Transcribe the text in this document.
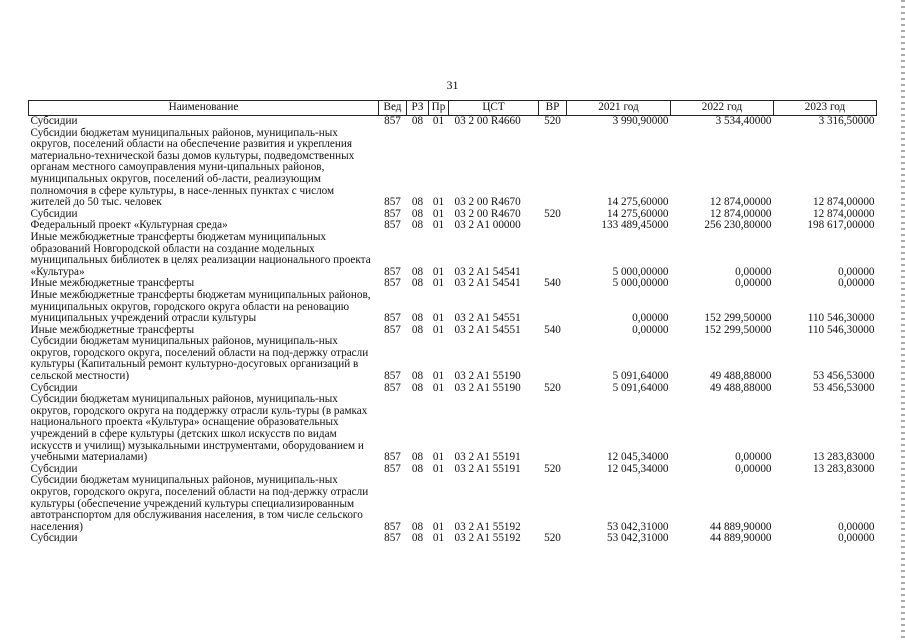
31
Наименование	Вед	РЗ	Пр	ЦСТ	ВР	2021 год	2022 год	2023 год
Субсидии	857	08	01	03 2 00 R4660	520	3 990,90000	3 534,40000	3 316,50000
Субсидии бюджетам муниципальных районов, муниципаль-ных округов, поселений области на обеспечение развития и укрепления материально-технической базы домов культуры, подведомственных органам местного самоуправления муни-ципальных районов, муниципальных округов, поселений об-ласти, реализующим полномочия в сфере культуры, в насе-ленных пунктах с числом жителей до 50 тыс. человек	857	08	01	03 2 00 R4670		14 275,60000	12 874,00000	12 874,00000
Субсидии	857	08	01	03 2 00 R4670	520	14 275,60000	12 874,00000	12 874,00000
Федеральный проект «Культурная среда»	857	08	01	03 2 A1 00000		133 489,45000	256 230,80000	198 617,00000
Иные межбюджетные трансферты бюджетам муниципальных образований Новгородской области на создание модельных муниципальных библиотек в целях реализации национального проекта «Культура»	857	08	01	03 2 A1 54541		5 000,00000	0,00000	0,00000
Иные межбюджетные трансферты	857	08	01	03 2 A1 54541	540	5 000,00000	0,00000	0,00000
Иные межбюджетные трансферты бюджетам муниципальных районов, муниципальных округов, городского округа области на реновацию муниципальных учреждений отрасли культуры	857	08	01	03 2 A1 54551		0,00000	152 299,50000	110 546,30000
Иные межбюджетные трансферты	857	08	01	03 2 A1 54551	540	0,00000	152 299,50000	110 546,30000
Субсидии бюджетам муниципальных районов, муниципаль-ных округов, городского округа, поселений области на под-держку отрасли культуры (Капитальный ремонт культурно-досуговых организаций в сельской местности)	857	08	01	03 2 A1 55190		5 091,64000	49 488,88000	53 456,53000
Субсидии	857	08	01	03 2 A1 55190	520	5 091,64000	49 488,88000	53 456,53000
Субсидии бюджетам муниципальных районов, муниципаль-ных округов, городского округа на поддержку отрасли куль-туры (в рамках национального проекта «Культура» оснащение образовательных учреждений в сфере культуры (детских школ искусств по видам искусств и училищ) музыкальными инструментами, оборудованием и учебными материалами)	857	08	01	03 2 A1 55191		12 045,34000	0,00000	13 283,83000
Субсидии	857	08	01	03 2 A1 55191	520	12 045,34000	0,00000	13 283,83000
Субсидии бюджетам муниципальных районов, муниципаль-ных округов, городского округа, поселений области на под-держку отрасли культуры (обеспечение учреждений культуры специализированным автотранспортом для обслуживания населения, в том числе сельского населения)	857	08	01	03 2 A1 55192		53 042,31000	44 889,90000	0,00000
Субсидии	857	08	01	03 2 A1 55192	520	53 042,31000	44 889,90000	0,00000
